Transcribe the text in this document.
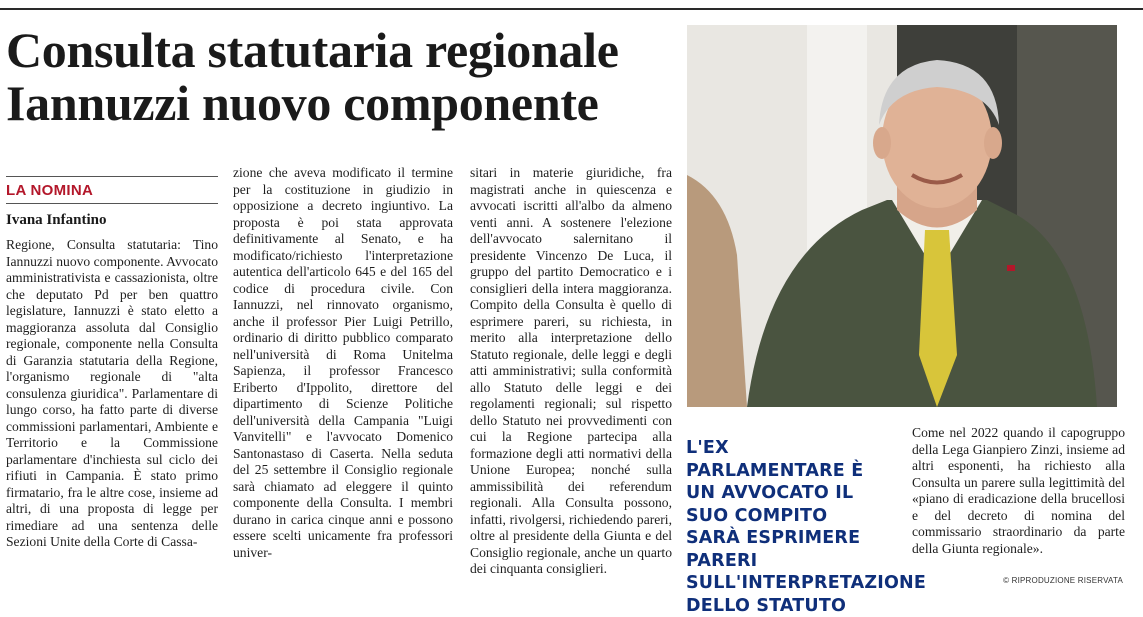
Consulta statutaria regionale
Iannuzzi nuovo componente
LA NOMINA
Ivana Infantino
Regione, Consulta statutaria: Tino Iannuzzi nuovo componente. Avvocato amministrativista e cassazionista, oltre che deputato Pd per ben quattro legislature, Iannuzzi è stato eletto a maggioranza assoluta dal Consiglio regionale, componente nella Consulta di Garanzia statutaria della Regione, l'organismo regionale di "alta consulenza giuridica". Parlamentare di lungo corso, ha fatto parte di diverse commissioni parlamentari, Ambiente e Territorio e la Commissione parlamentare d'inchiesta sul ciclo dei rifiuti in Campania. È stato primo firmatario, fra le altre cose, insieme ad altri, di una proposta di legge per rimediare ad una sentenza delle Sezioni Unite della Corte di Cassa-
zione che aveva modificato il termine per la costituzione in giudizio in opposizione a decreto ingiuntivo. La proposta è poi stata approvata definitivamente al Senato, e ha modificato/richiesto l'interpretazione autentica dell'articolo 645 e del 165 del codice di procedura civile. Con Iannuzzi, nel rinnovato organismo, anche il professor Pier Luigi Petrillo, ordinario di diritto pubblico comparato nell'università di Roma Unitelma Sapienza, il professor Francesco Eriberto d'Ippolito, direttore del dipartimento di Scienze Politiche dell'università della Campania "Luigi Vanvitelli" e l'avvocato Domenico Santonastaso di Caserta. Nella seduta del 25 settembre il Consiglio regionale sarà chiamato ad eleggere il quinto componente della Consulta. I membri durano in carica cinque anni e possono essere scelti unicamente fra professori univer-
sitari in materie giuridiche, fra magistrati anche in quiescenza e avvocati iscritti all'albo da almeno venti anni. A sostenere l'elezione dell'avvocato salernitano il presidente Vincenzo De Luca, il gruppo del partito Democratico e i consiglieri della intera maggioranza. Compito della Consulta è quello di esprimere pareri, su richiesta, in merito alla interpretazione dello Statuto regionale, delle leggi e degli atti amministrativi; sulla conformità allo Statuto delle leggi e dei regolamenti regionali; sul rispetto dello Statuto nei provvedimenti con cui la Regione partecipa alla formazione degli atti normativi della Unione Europea; nonché sulla ammissibilità dei referendum regionali. Alla Consulta possono, infatti, rivolgersi, richiedendo pareri, oltre al presidente della Giunta e del Consiglio regionale, anche un quarto dei cinquanta consiglieri.
L'EX PARLAMENTARE È UN AVVOCATO IL SUO COMPITO SARÀ ESPRIMERE PARERI SULL'INTERPRETAZIONE DELLO STATUTO
Come nel 2022 quando il capogruppo della Lega Gianpiero Zinzi, insieme ad altri esponenti, ha richiesto alla Consulta un parere sulla legittimità del «piano di eradicazione della brucellosi e del decreto di nomina del commissario straordinario da parte della Giunta regionale».
© RIPRODUZIONE RISERVATA
